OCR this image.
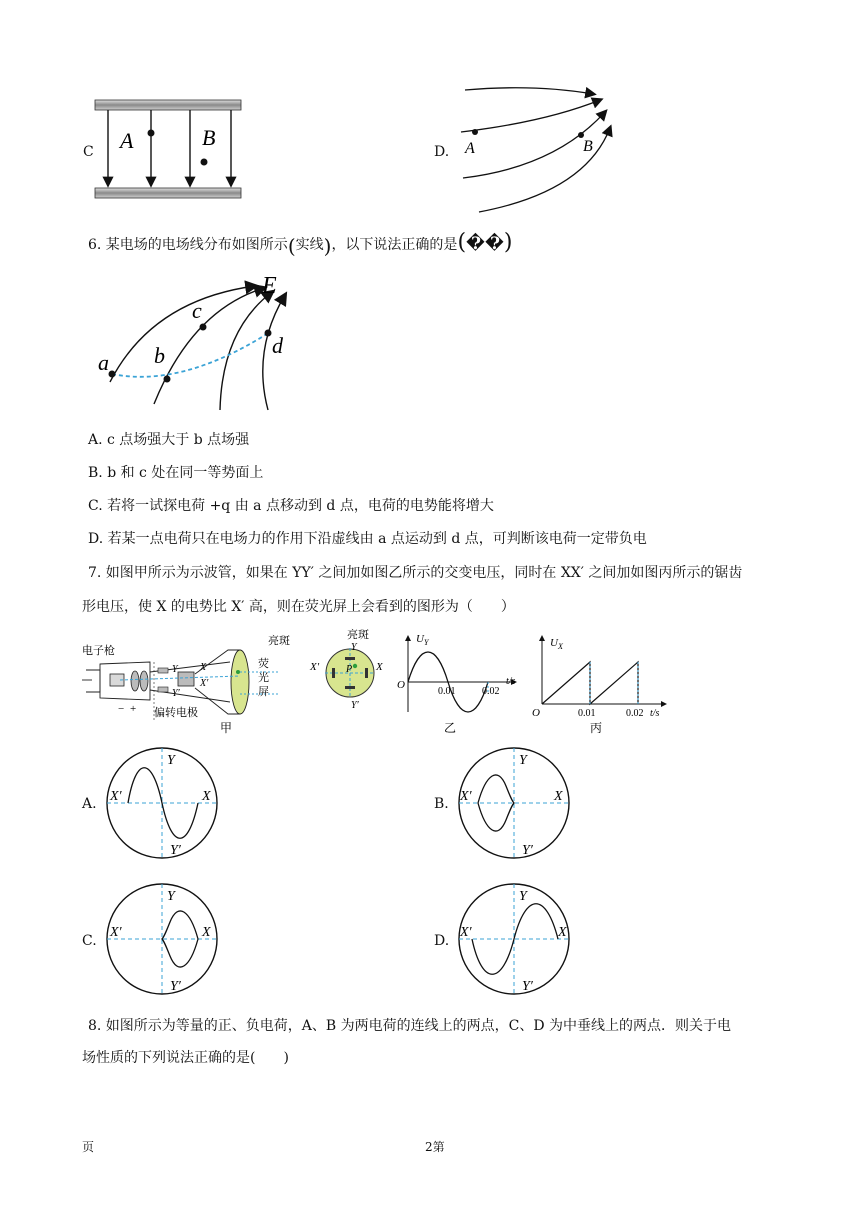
C A	B
D. A	B
6. 某电场的电场线分布如图所示(实线)，以下说法正确的是(��)
E
a b
c
d
A. c 点场强大于 b 点场强
B. b 和 c 处在同一等势面上
C. 若将一试探电荷 +q 由 a 点移动到 d 点，电荷的电势能将增大
D. 若某一点电荷只在电场力的作用下沿虚线由 a 点运动到 d 点，可判断该电荷一定带负电
7. 如图甲所示为示波管，如果在 YY′ 之间加如图乙所示的交变电压，同时在 XX′ 之间加如图丙所示的锯齿
形电压，使 X 的电势比 X′ 高，则在荧光屏上会看到的图形为（　　）
电子枪
亮斑
荧
光
屏
Y
Y′
X
X′
− + 偏转电极
甲
亮斑
Y
Y′
X
X′	P
$U_Y$
t/s
O
0.01	0.02
乙
$U_X$
O	0.01	0.02 t/s
丙
A.
Y
Y′
X
X′	B.
Y
Y′
X
X′
C.
Y
Y′
X
X′
D.
Y
Y′
X
X′
8. 如图所示为等量的正、负电荷，A、B 为两电荷的连线上的两点，C、D 为中垂线上的两点．则关于电
场性质的下列说法正确的是(　　)
页	2第
